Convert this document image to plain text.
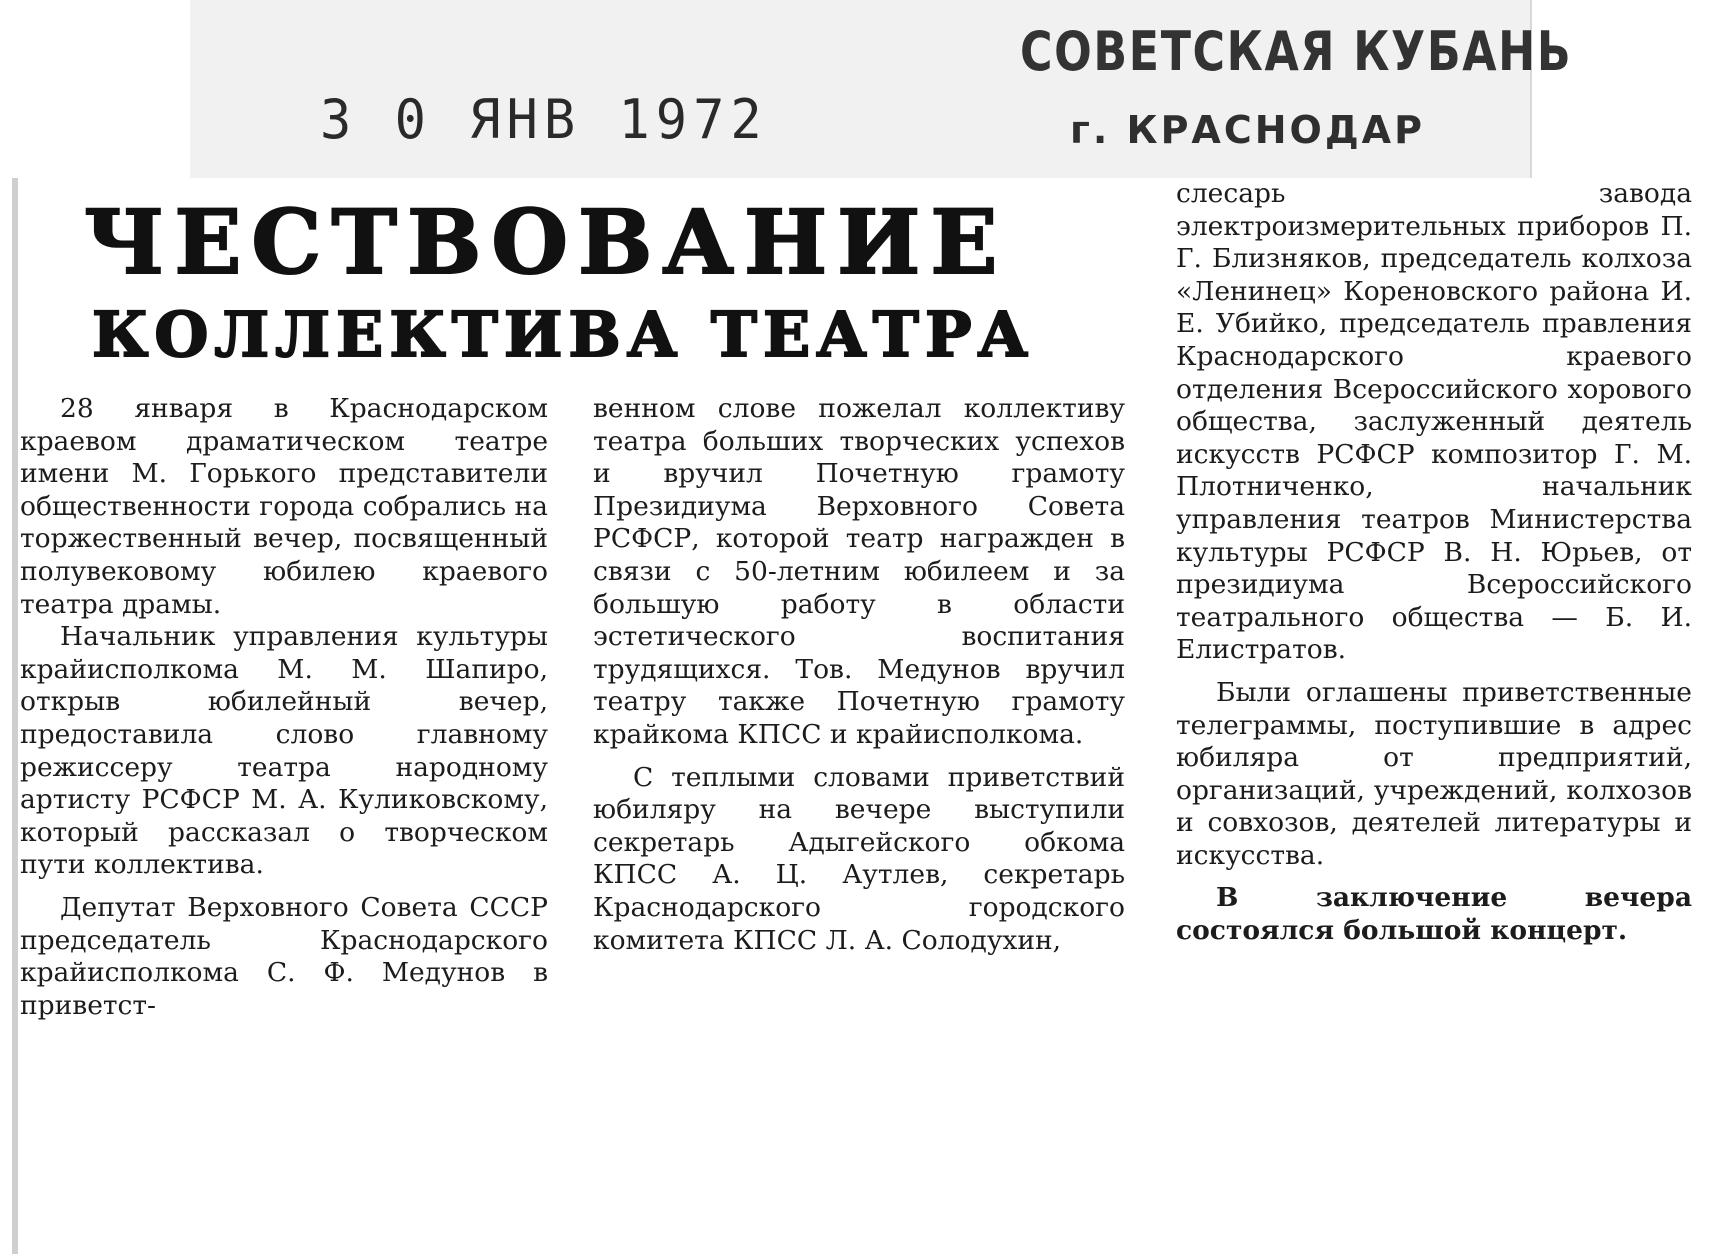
3 0 ЯНВ 1972
СОВЕТСКАЯ КУБАНЬ
г. КРАСНОДАР
ЧЕСТВОВАНИЕ
КОЛЛЕКТИВА ТЕАТРА

28 января в Краснодарском краевом драматическом театре имени М. Горького представители общественности города собрались на торжественный вечер, посвященный полувековому юбилею краевого театра драмы.

Начальник управления культуры крайисполкома М. М. Шапиро, открыв юбилейный вечер, предоставила слово главному режиссеру театра народному артисту РСФСР М. А. Куликовскому, который рассказал о творческом пути коллектива.

Депутат Верховного Совета СССР председатель Краснодарского крайисполкома С. Ф. Медунов в приветст-

венном слове пожелал коллективу театра больших творческих успехов и вручил Почетную грамоту Президиума Верховного Совета РСФСР, которой театр награжден в связи с 50-летним юбилеем и за большую работу в области эстетического воспитания трудящихся. Тов. Медунов вручил театру также Почетную грамоту крайкома КПСС и крайисполкома.

С теплыми словами приветствий юбиляру на вечере выступили секретарь Адыгейского обкома КПСС А. Ц. Аутлев, секретарь Краснодарского городского комитета КПСС Л. А. Солодухин,

слесарь завода электроизмерительных приборов П. Г. Близняков, председатель колхоза «Ленинец» Кореновского района И. Е. Убийко, председатель правления Краснодарского краевого отделения Всероссийского хорового общества, заслуженный деятель искусств РСФСР композитор Г. М. Плотниченко, начальник управления театров Министерства культуры РСФСР В. Н. Юрьев, от президиума Всероссийского театрального общества — Б. И. Елистратов.

Были оглашены приветственные телеграммы, поступившие в адрес юбиляра от предприятий, организаций, учреждений, колхозов и совхозов, деятелей литературы и искусства.

В заключение вечера состоялся большой концерт.
